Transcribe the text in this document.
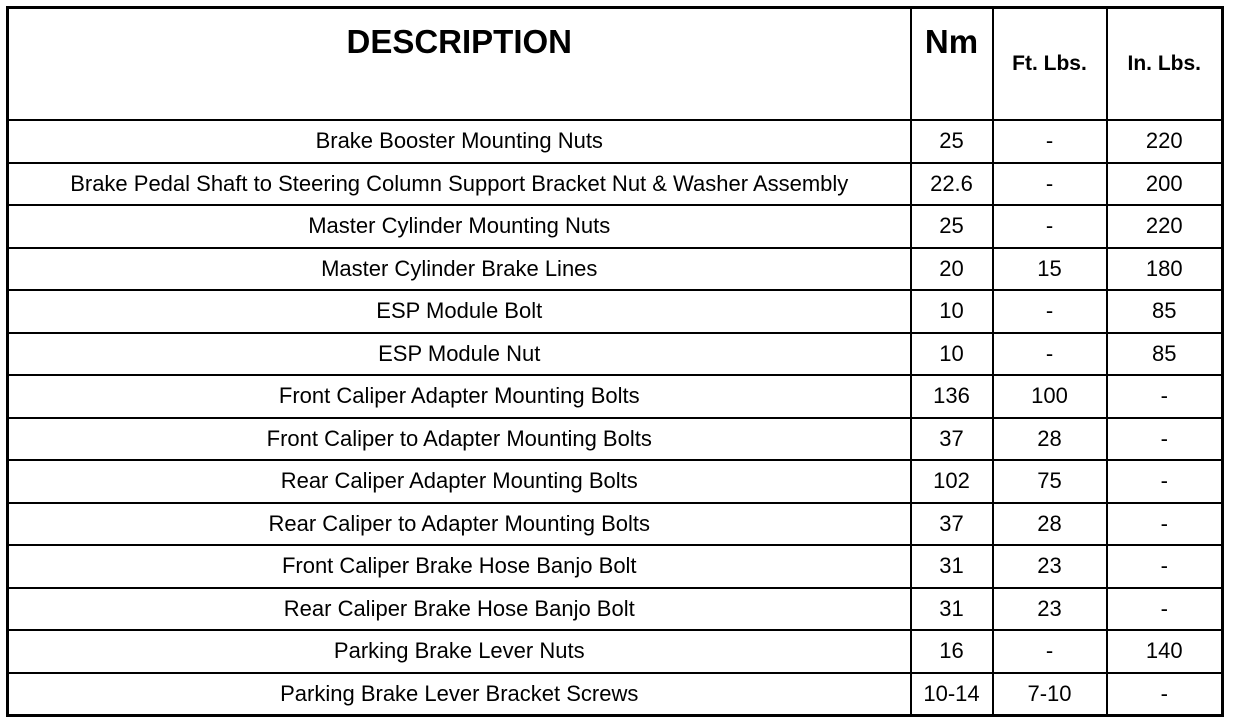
DESCRIPTION	Nm	Ft. Lbs.	In. Lbs.
Brake Booster Mounting Nuts	25	-	220
Brake Pedal Shaft to Steering Column Support Bracket Nut & Washer Assembly	22.6	-	200
Master Cylinder Mounting Nuts	25	-	220
Master Cylinder Brake Lines	20	15	180
ESP Module Bolt	10	-	85
ESP Module Nut	10	-	85
Front Caliper Adapter Mounting Bolts	136	100	-
Front Caliper to Adapter Mounting Bolts	37	28	-
Rear Caliper Adapter Mounting Bolts	102	75	-
Rear Caliper to Adapter Mounting Bolts	37	28	-
Front Caliper Brake Hose Banjo Bolt	31	23	-
Rear Caliper Brake Hose Banjo Bolt	31	23	-
Parking Brake Lever Nuts	16	-	140
Parking Brake Lever Bracket Screws	10-14	7-10	-
